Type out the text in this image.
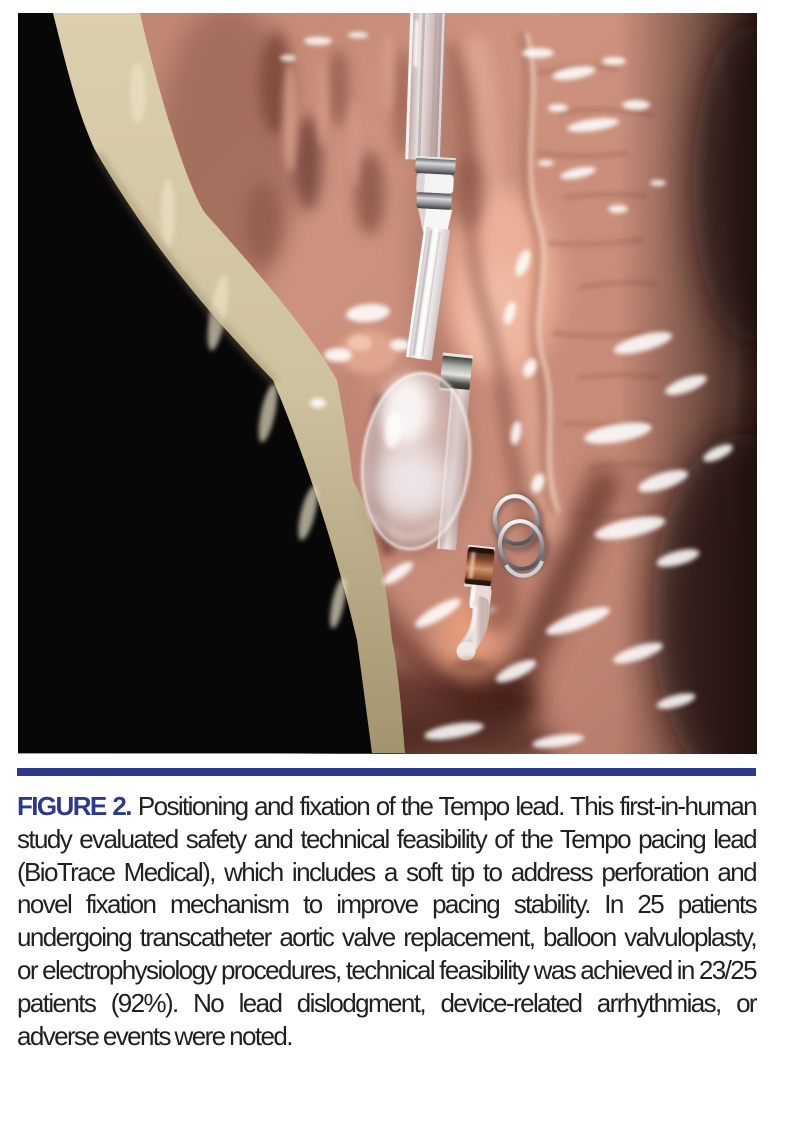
FIGURE 2. Positioning and fixation of the Tempo lead. This first-in-human study evaluated safety and technical feasibility of the Tempo pacing lead (BioTrace Medical), which includes a soft tip to address perforation and novel fixation mechanism to improve pacing stability. In 25 patients undergoing transcatheter aortic valve replacement, balloon valvuloplasty, or electrophysiology procedures, technical feasibility was achieved in 23/25 patients (92%). No lead dislodgment, device-related arrhythmias, or adverse events were noted.
